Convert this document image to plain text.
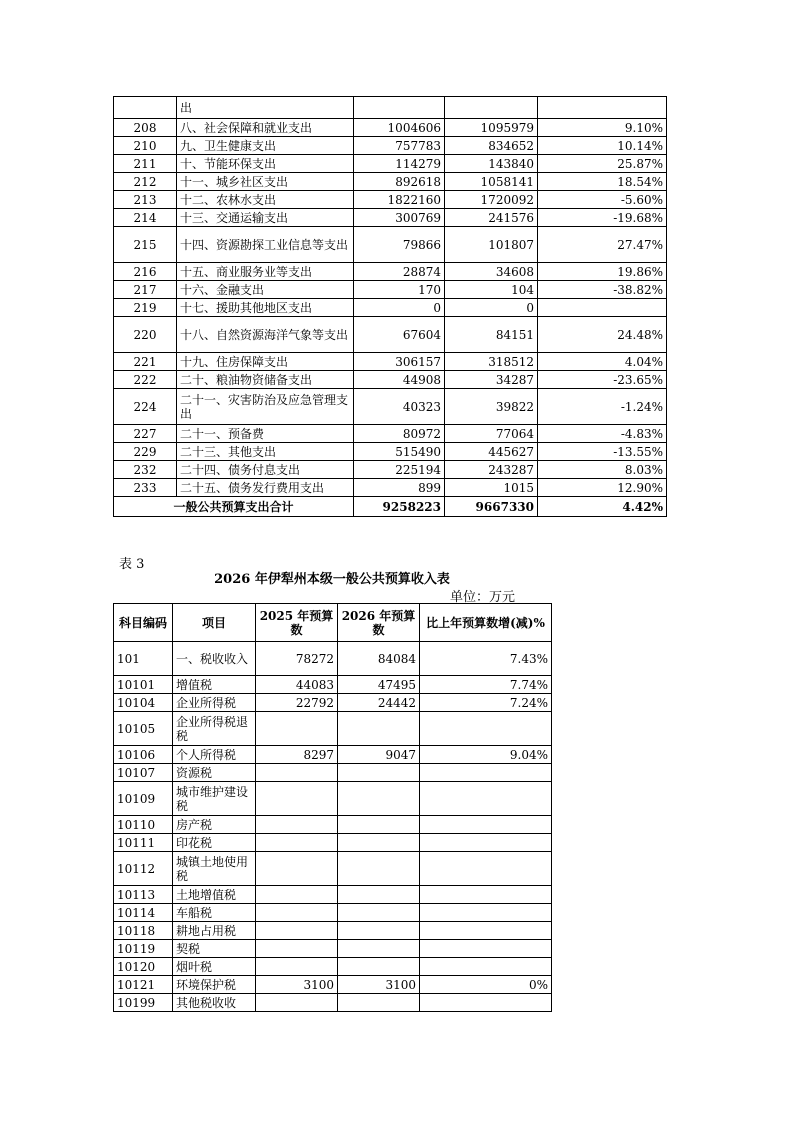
	出			
208	八、社会保障和就业支出	1004606	1095979	9.10%
210	九、卫生健康支出	757783	834652	10.14%
211	十、节能环保支出	114279	143840	25.87%
212	十一、城乡社区支出	892618	1058141	18.54%
213	十二、农林水支出	1822160	1720092	-5.60%
214	十三、交通运输支出	300769	241576	-19.68%
215	十四、资源勘探工业信息等支出	79866	101807	27.47%
216	十五、商业服务业等支出	28874	34608	19.86%
217	十六、金融支出	170	104	-38.82%
219	十七、援助其他地区支出	0	0	
220	十八、自然资源海洋气象等支出	67604	84151	24.48%
221	十九、住房保障支出	306157	318512	4.04%
222	二十、粮油物资储备支出	44908	34287	-23.65%
224	二十一、灾害防治及应急管理支出	40323	39822	-1.24%
227	二十一、预备费	80972	77064	-4.83%
229	二十三、其他支出	515490	445627	-13.55%
232	二十四、债务付息支出	225194	243287	8.03%
233	二十五、债务发行费用支出	899	1015	12.90%
一般公共预算支出合计		9258223	9667330	4.42%
表 3
2026 年伊犁州本级一般公共预算收入表
单位：万元
科目编码	项目	2025 年预算数	2026 年预算数	比上年预算数增(减)%
101	一、税收收入	78272	84084	7.43%
10101	增值税	44083	47495	7.74%
10104	企业所得税	22792	24442	7.24%
10105	企业所得税退税			
10106	个人所得税	8297	9047	9.04%
10107	资源税			
10109	城市维护建设税			
10110	房产税			
10111	印花税			
10112	城镇土地使用税			
10113	土地增值税			
10114	车船税			
10118	耕地占用税			
10119	契税			
10120	烟叶税			
10121	环境保护税	3100	3100	0%
10199	其他税收收			
